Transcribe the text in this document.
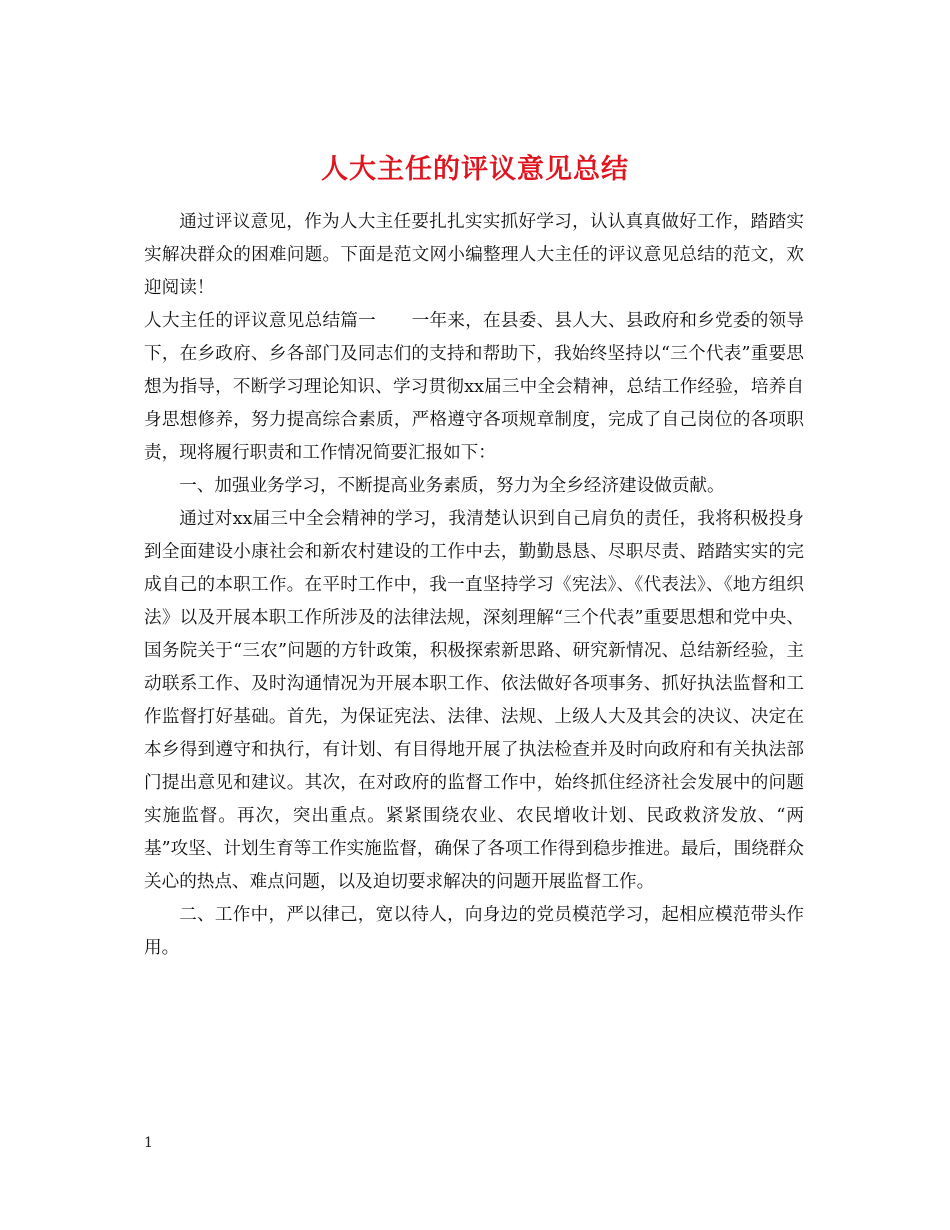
人大主任的评议意见总结

通过评议意见，作为人大主任要扎扎实实抓好学习，认认真真做好工作，踏踏实实解决群众的困难问题。下面是范文网小编整理人大主任的评议意见总结的范文，欢迎阅读！

人大主任的评议意见总结篇一　　一年来，在县委、县人大、县政府和乡党委的领导下，在乡政府、乡各部门及同志们的支持和帮助下，我始终坚持以“三个代表”重要思想为指导，不断学习理论知识、学习贯彻xx届三中全会精神，总结工作经验，培养自身思想修养，努力提高综合素质，严格遵守各项规章制度，完成了自己岗位的各项职责，现将履行职责和工作情况简要汇报如下：

一、加强业务学习，不断提高业务素质，努力为全乡经济建设做贡献。

通过对xx届三中全会精神的学习，我清楚认识到自己肩负的责任，我将积极投身到全面建设小康社会和新农村建设的工作中去，勤勤恳恳、尽职尽责、踏踏实实的完成自己的本职工作。在平时工作中，我一直坚持学习《宪法》、《代表法》、《地方组织法》以及开展本职工作所涉及的法律法规，深刻理解“三个代表”重要思想和党中央、国务院关于“三农”问题的方针政策，积极探索新思路、研究新情况、总结新经验，主动联系工作、及时沟通情况为开展本职工作、依法做好各项事务、抓好执法监督和工作监督打好基础。首先，为保证宪法、法律、法规、上级人大及其会的决议、决定在本乡得到遵守和执行，有计划、有目得地开展了执法检查并及时向政府和有关执法部门提出意见和建议。其次，在对政府的监督工作中，始终抓住经济社会发展中的问题实施监督。再次，突出重点。紧紧围绕农业、农民增收计划、民政救济发放、“两基”攻坚、计划生育等工作实施监督，确保了各项工作得到稳步推进。最后，围绕群众关心的热点、难点问题，以及迫切要求解决的问题开展监督工作。

二、工作中，严以律己，宽以待人，向身边的党员模范学习，起相应模范带头作用。

1
